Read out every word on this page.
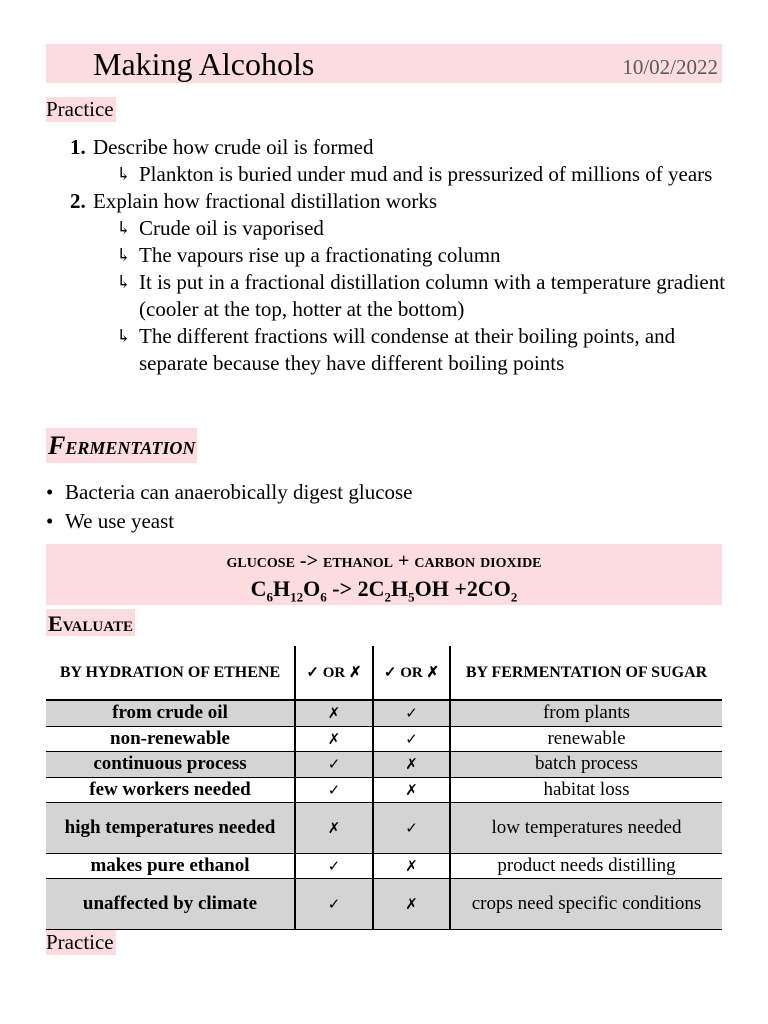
Making Alcohols	10/02/2022
Practice
1. Describe how crude oil is formed
↳ Plankton is buried under mud and is pressurized of millions of years
2. Explain how fractional distillation works
↳ Crude oil is vaporised
↳ The vapours rise up a fractionating column
↳ It is put in a fractional distillation column with a temperature gradient (cooler at the top, hotter at the bottom)
↳ The different fractions will condense at their boiling points, and separate because they have different boiling points
Fermentation
• Bacteria can anaerobically digest glucose
• We use yeast
glucose -> ethanol + carbon dioxide
$C_6H_{12}O_6 -> 2C_2H_5OH +2CO_2$
Evaluate
BY HYDRATION OF ETHENE	✓ OR ✗	✓ OR ✗	BY FERMENTATION OF SUGAR
from crude oil	✗	✓	from plants
non-renewable	✗	✓	renewable
continuous process	✓	✗	batch process
few workers needed	✓	✗	habitat loss
high temperatures needed	✗	✓	low temperatures needed
makes pure ethanol	✓	✗	product needs distilling
unaffected by climate	✓	✗	crops need specific conditions
Practice
